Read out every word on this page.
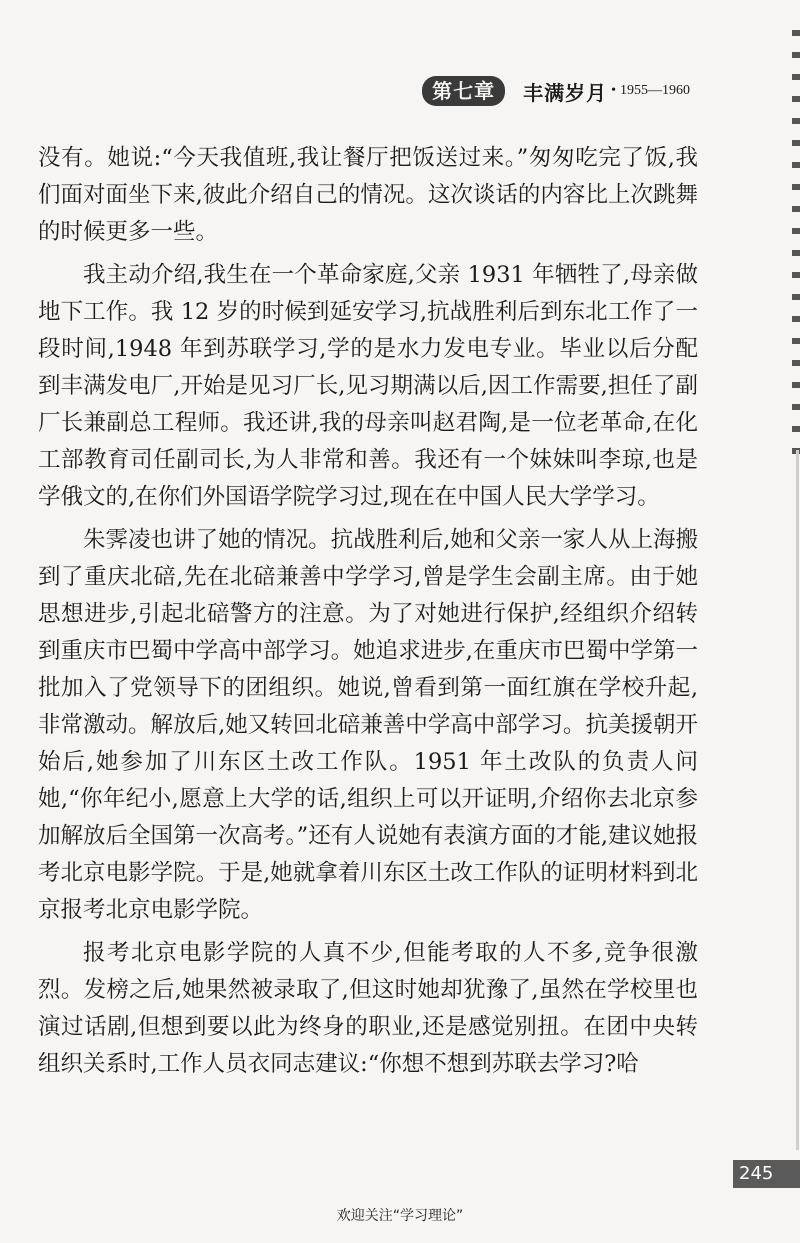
第七章	丰满岁月 • 1955—1960

没有。她说:“今天我值班,我让餐厅把饭送过来。”匆匆吃完了饭,我们面对面坐下来,彼此介绍自己的情况。这次谈话的内容比上次跳舞的时候更多一些。

我主动介绍,我生在一个革命家庭,父亲 1931 年牺牲了,母亲做地下工作。我 12 岁的时候到延安学习,抗战胜利后到东北工作了一段时间,1948 年到苏联学习,学的是水力发电专业。毕业以后分配到丰满发电厂,开始是见习厂长,见习期满以后,因工作需要,担任了副厂长兼副总工程师。我还讲,我的母亲叫赵君陶,是一位老革命,在化工部教育司任副司长,为人非常和善。我还有一个妹妹叫李琼,也是学俄文的,在你们外国语学院学习过,现在在中国人民大学学习。

朱霁凌也讲了她的情况。抗战胜利后,她和父亲一家人从上海搬到了重庆北碚,先在北碚兼善中学学习,曾是学生会副主席。由于她思想进步,引起北碚警方的注意。为了对她进行保护,经组织介绍转到重庆市巴蜀中学高中部学习。她追求进步,在重庆市巴蜀中学第一批加入了党领导下的团组织。她说,曾看到第一面红旗在学校升起,非常激动。解放后,她又转回北碚兼善中学高中部学习。抗美援朝开始后,她参加了川东区土改工作队。1951 年土改队的负责人问她,“你年纪小,愿意上大学的话,组织上可以开证明,介绍你去北京参加解放后全国第一次高考。”还有人说她有表演方面的才能,建议她报考北京电影学院。于是,她就拿着川东区土改工作队的证明材料到北京报考北京电影学院。

报考北京电影学院的人真不少,但能考取的人不多,竞争很激烈。发榜之后,她果然被录取了,但这时她却犹豫了,虽然在学校里也演过话剧,但想到要以此为终身的职业,还是感觉别扭。在团中央转组织关系时,工作人员衣同志建议:“你想不想到苏联去学习?哈

245
欢迎关注“学习理论”
